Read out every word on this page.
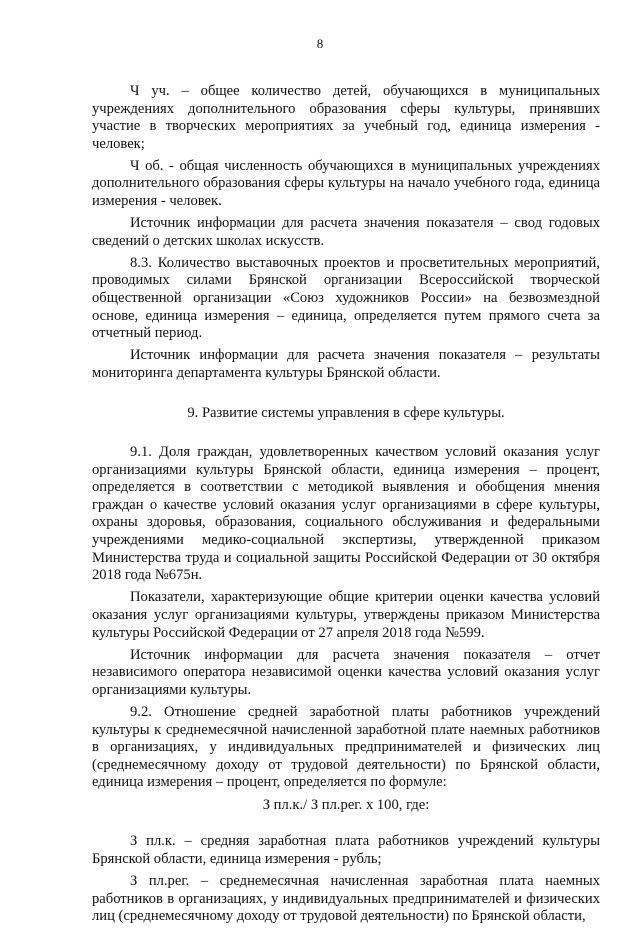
8

Ч уч. – общее количество детей, обучающихся в муниципальных учреждениях дополнительного образования сферы культуры, принявших участие в творческих мероприятиях за учебный год, единица измерения - человек;

Ч об. - общая численность обучающихся в муниципальных учреждениях дополнительного образования сферы культуры на начало учебного года, единица измерения - человек.

Источник информации для расчета значения показателя – свод годовых сведений о детских школах искусств.

8.3. Количество выставочных проектов и просветительных мероприятий, проводимых силами Брянской организации Всероссийской творческой общественной организации «Союз художников России» на безвозмездной основе, единица измерения – единица, определяется путем прямого счета за отчетный период.

Источник информации для расчета значения показателя – результаты мониторинга департамента культуры Брянской области.

9. Развитие системы управления в сфере культуры.

9.1. Доля граждан, удовлетворенных качеством условий оказания услуг организациями культуры Брянской области, единица измерения – процент, определяется в соответствии с методикой выявления и обобщения мнения граждан о качестве условий оказания услуг организациями в сфере культуры, охраны здоровья, образования, социального обслуживания и федеральными учреждениями медико-социальной экспертизы, утвержденной приказом Министерства труда и социальной защиты Российской Федерации от 30 октября 2018 года №675н.

Показатели, характеризующие общие критерии оценки качества условий оказания услуг организациями культуры, утверждены приказом Министерства культуры Российской Федерации от 27 апреля 2018 года №599.

Источник информации для расчета значения показателя – отчет независимого оператора независимой оценки качества условий оказания услуг организациями культуры.

9.2. Отношение средней заработной платы работников учреждений культуры к среднемесячной начисленной заработной плате наемных работников в организациях, у индивидуальных предпринимателей и физических лиц (среднемесячному доходу от трудовой деятельности) по Брянской области, единица измерения – процент, определяется по формуле:

З пл.к./ З пл.рег. х 100, где:

З пл.к. – средняя заработная плата работников учреждений культуры Брянской области, единица измерения - рубль;

З пл.рег. – среднемесячная начисленная заработная плата наемных работников в организациях, у индивидуальных предпринимателей и физических лиц (среднемесячному доходу от трудовой деятельности) по Брянской области,
